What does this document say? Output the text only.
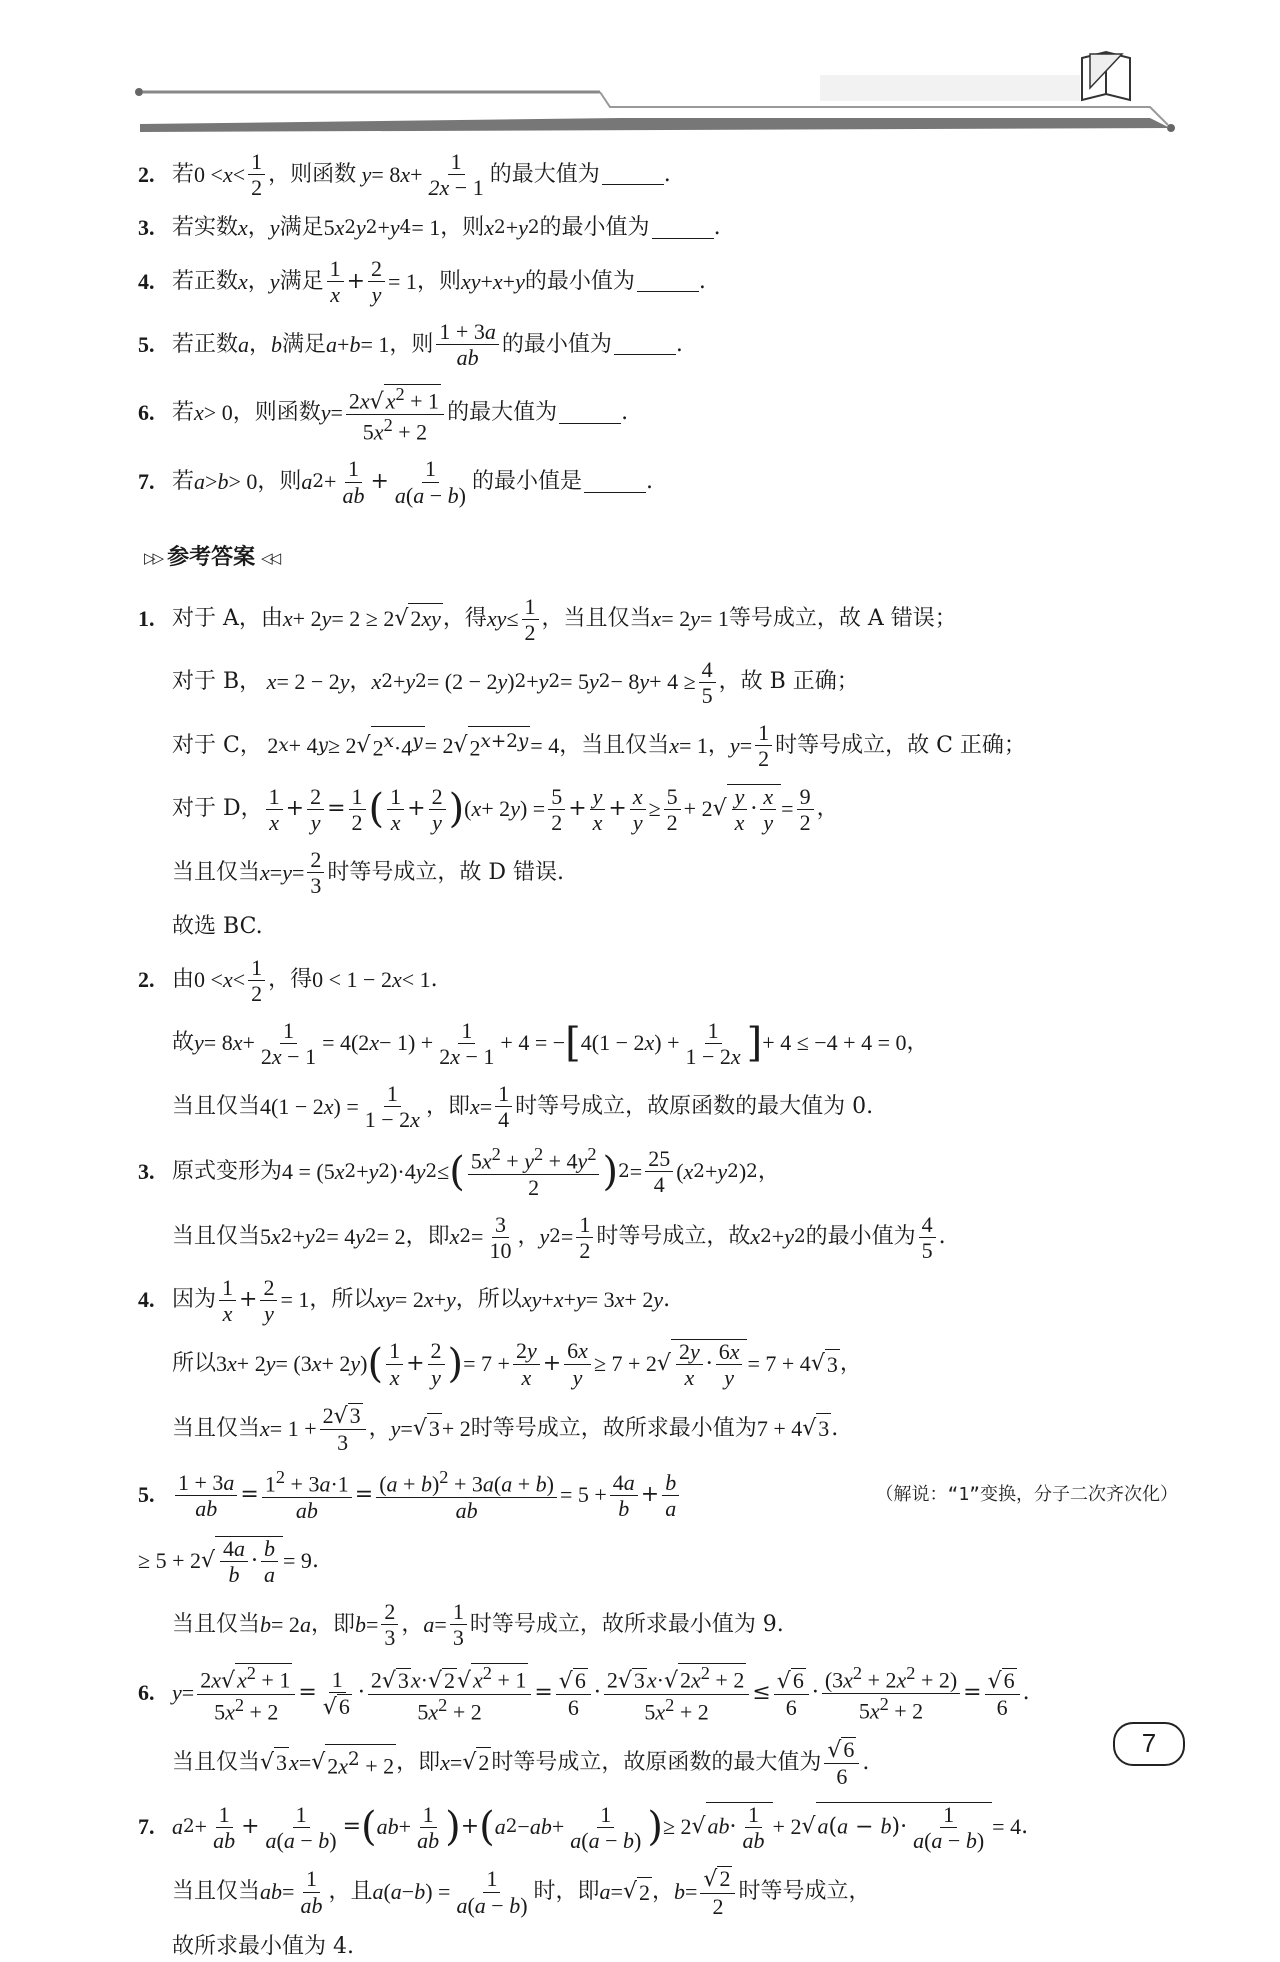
2. 若 $0 < x < \frac{1}{2}$ ，则函数 y = 8 $x + \frac{1}{2x - 1}$ 的最大值为	.
3. 若实数 x ， y 满足 5 x 2 y 2 + y 4 = 1 ，则 x 2 + y 2 的最小值为	.
4. 若正数 x ， y 满足 $\frac{1}{x} + \frac{2}{y} = 1$ ，则 xy + x + y 的最小值为	.
5. 若正数 a ， b 满足 a + b = 1 ，则 $\frac{1 + 3a}{ab}$ 的最小值为	.
6. 若 x > 0 ，则函数 $y = \frac{2x√x^2 + 1}{5x^2 + 2}$ 的最大值为	.
7. 若 a > b > 0 ，则 a $2 + \frac{1}{ab} + \frac{1}{a(a - b)}$ 的最小值是	.
▷▷ 参考答案 ◁◁
1. 对于 A，由 x + 2 y = 2 ≥ 2 √ 2xy ，得 xy ≤ $\frac{1}{2}$ ，当且仅当 x = 2 y = 1 等号成立，故 A 错误；
对于 B， x = 2 − 2 y ， x 2 + y 2 = (2 − 2 y ) 2 + y 2 = 5 y 2 − 8 $y + 4 \ge \frac{4}{5}$ ，故 B 正确；
对于 C， 2 x + 4 y ≥ 2 √ $2^x\cdot 4^y = 2$ √ $2^{x+2y} = 4$ ，当且仅当 x = 1 ， $y = \frac{1}{2}$ 时等号成立，故 C 正确；
对于 D， $\frac{1}{x} + \frac{2}{y} = \frac{1}{2}$ ( $\frac{1}{x} + \frac{2}{y}$ ) ( x + 2 y ) = $\frac{5}{2} + \frac{y}{x} + \frac{x}{y} \ge \frac{5}{2} + 2$ √ $\frac{y}{x} \cdot \frac{x}{y} = \frac{9}{2}$ ，
当且仅当 $x = y = \frac{2}{3}$ 时等号成立，故 D 错误.
故选 BC.
2. 由 $0 < x < \frac{1}{2}$ ，得 0 < 1 − 2 x < 1 .
故 y = 8 $x + \frac{1}{2x - 1} = 4(2$ $x - 1) + \frac{1}{2x - 1} + 4$ = − [ 4(1 − 2 x ) + $\frac{1}{1 - 2x}$ ] + 4 ≤ −4 + 4 = 0 ，
当且仅当 4(1 − 2 x ) = $\frac{1}{1 - 2x}$ ，即 $x = \frac{1}{4}$ 时等号成立，故原函数的最大值为 0.
3. 原式变形为 4 = (5 x 2 + y 2 )·4 y 2 ≤ ( $\frac{5x^2 + y^2 + 4y^2}{2}$ ) $2 = \frac{25}{4}$ ( x 2 + y 2 ) 2 ，
当且仅当 5 x 2 + y 2 = 4 y 2 = 2 ，即 x $2 = \frac{3}{10}$ ， y $2 = \frac{1}{2}$ 时等号成立，故 x 2 + y 2 的最小值为 $\frac{4}{5}$ .
4. 因为 $\frac{1}{x} + \frac{2}{y} = 1$ ，所以 xy = 2 x + y ，所以 xy + x + y = 3 x + 2 y .
所以 3 x + 2 y = (3 x + 2 y ) ( $\frac{1}{x} + \frac{2}{y}$ ) = $7 + \frac{2y}{x} + \frac{6x}{y} \ge 7 + 2$ √ $\frac{2y}{x} \cdot \frac{6x}{y} = 7 + 4$ √ 3 ，
当且仅当 $x = 1 + \frac{2√3}{3}$ ， y = √ 3 + 2 时等号成立，故所求最小值为 7 + 4 √ 3 .
5. $\frac{1 + 3a}{ab} = \frac{1^2 + 3a\cdot 1}{ab} = \frac{(a + b)^2 + 3a(a + b)}{ab} = 5 + \frac{4a}{b} + \frac{b}{a}$	（解说：“1”变换，分子二次齐次化）
≥ 5 + 2 √ $\frac{4a}{b} \cdot \frac{b}{a} = 9$ .
当且仅当 b = 2 a ，即 $b = \frac{2}{3}$ ， $a = \frac{1}{3}$ 时等号成立，故所求最小值为 9.
6. $y = \frac{2x√x^2 + 1}{5x^2 + 2} = \frac{1}{√6} \cdot \frac{2√3x\cdot√2√x^2 + 1}{5x^2 + 2} = \frac{√6}{6} \cdot \frac{2√3x\cdot√2x^2 + 2}{5x^2 + 2} \le \frac{√6}{6} \cdot \frac{(3x^2 + 2x^2 + 2)}{5x^2 + 2} = \frac{√6}{6}$ .
当且仅当 √ 3 x = √ $2x^2 + 2$ ，即 x = √ 2 时等号成立，故原函数的最大值为 $\frac{√6}{6}$ .
7. a $2 + \frac{1}{ab} + \frac{1}{a(a - b)}$ = ( ab + $\frac{1}{ab}$ ) + ( a 2 − ab + $\frac{1}{a(a - b)}$ ) ≥ 2 √ $ab\cdot \frac{1}{ab} + 2$ √ $a(a - b)\cdot \frac{1}{a(a - b)} = 4$ .
当且仅当 ab = $\frac{1}{ab}$ ，且 a ( a − b ) = $\frac{1}{a(a - b)}$ 时，即 a = √ 2 ， $b = \frac{√2}{2}$ 时等号成立，
故所求最小值为 4.
7
